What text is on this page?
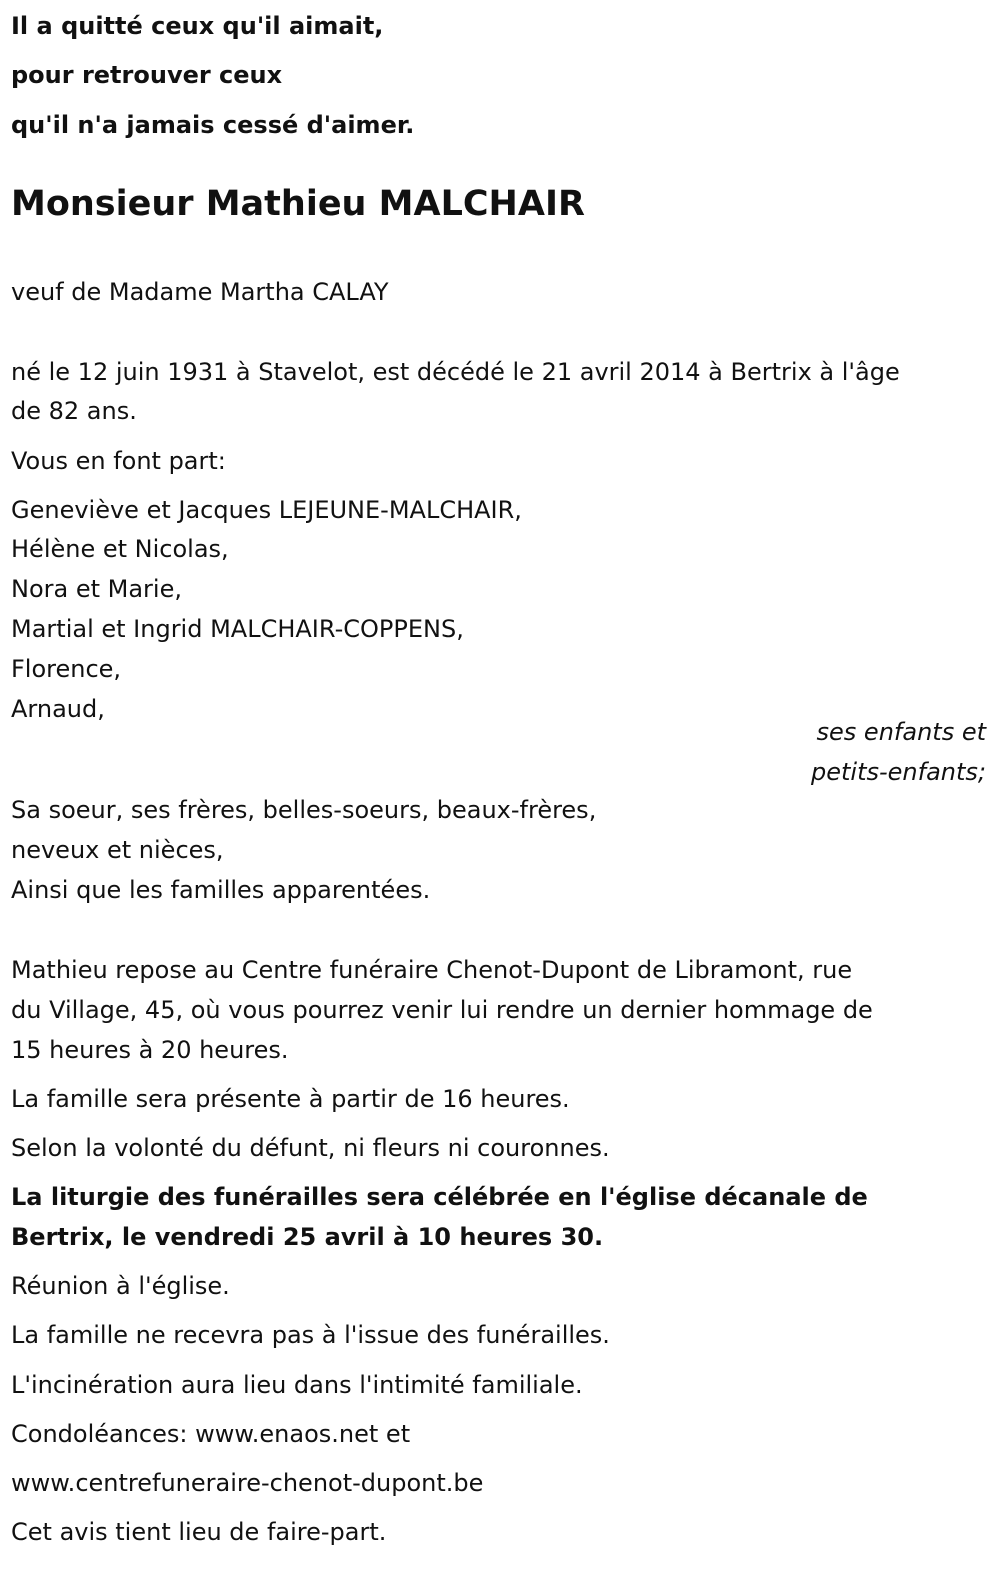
Il a quitté ceux qu'il aimait,
pour retrouver ceux
qu'il n'a jamais cessé d'aimer.
Monsieur Mathieu MALCHAIR
veuf de Madame Martha CALAY
né le 12 juin 1931 à Stavelot, est décédé le 21 avril 2014 à Bertrix à l'âge
de 82 ans.
Vous en font part:
Geneviève et Jacques LEJEUNE-MALCHAIR,
Hélène et Nicolas,
Nora et Marie,
Martial et Ingrid MALCHAIR-COPPENS,
Florence,
Arnaud,
ses enfants et
petits-enfants;
Sa soeur, ses frères, belles-soeurs, beaux-frères,
neveux et nièces,
Ainsi que les familles apparentées.
Mathieu repose au Centre funéraire Chenot-Dupont de Libramont, rue
du Village, 45, où vous pourrez venir lui rendre un dernier hommage de
15 heures à 20 heures.
La famille sera présente à partir de 16 heures.
Selon la volonté du défunt, ni fleurs ni couronnes.
La liturgie des funérailles sera célébrée en l'église décanale de
Bertrix, le vendredi 25 avril à 10 heures 30.
Réunion à l'église.
La famille ne recevra pas à l'issue des funérailles.
L'incinération aura lieu dans l'intimité familiale.
Condoléances: www.enaos.net et
www.centrefuneraire-chenot-dupont.be
Cet avis tient lieu de faire-part.
